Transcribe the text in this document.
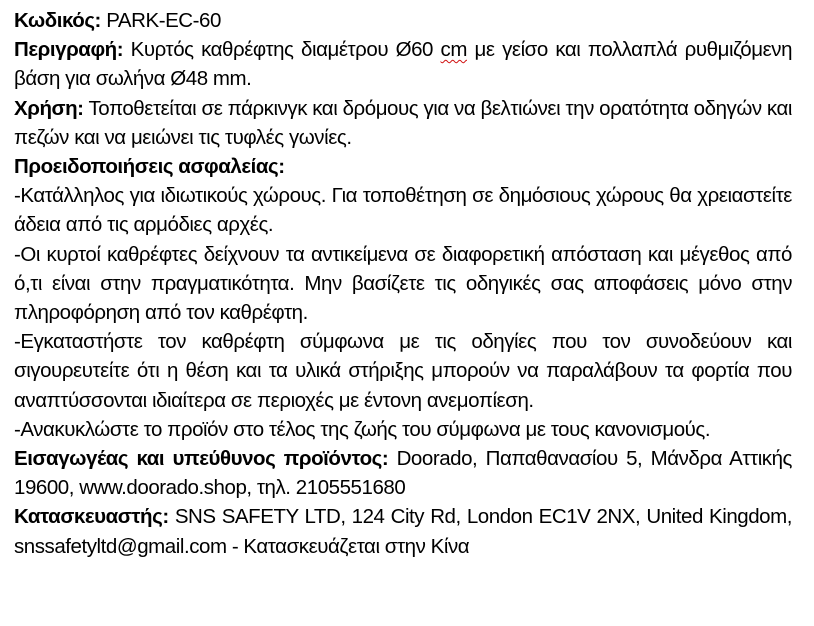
Κωδικός: PARK-EC-60

Περιγραφή: Κυρτός καθρέφτης διαμέτρου Ø60 cm με γείσο και πολλαπλά ρυθμιζόμενη βάση για σωλήνα Ø48 mm.

Χρήση: Τοποθετείται σε πάρκινγκ και δρόμους για να βελτιώνει την ορατότητα οδηγών και πεζών και να μειώνει τις τυφλές γωνίες.

Προειδοποιήσεις ασφαλείας:

-Κατάλληλος για ιδιωτικούς χώρους. Για τοποθέτηση σε δημόσιους χώρους θα χρειαστείτε άδεια από τις αρμόδιες αρχές.

-Οι κυρτοί καθρέφτες δείχνουν τα αντικείμενα σε διαφορετική απόσταση και μέγεθος από ό,τι είναι στην πραγματικότητα. Μην βασίζετε τις οδηγικές σας αποφάσεις μόνο στην πληροφόρηση από τον καθρέφτη.

-Εγκαταστήστε τον καθρέφτη σύμφωνα με τις οδηγίες που τον συνοδεύουν και σιγουρευτείτε ότι η θέση και τα υλικά στήριξης μπορούν να παραλάβουν τα φορτία που αναπτύσσονται ιδιαίτερα σε περιοχές με έντονη ανεμοπίεση.

-Ανακυκλώστε το προϊόν στο τέλος της ζωής του σύμφωνα με τους κανονισμούς.

Εισαγωγέας και υπεύθυνος προϊόντος: Doorado, Παπαθανασίου 5, Μάνδρα Αττικής 19600, www.doorado.shop, τηλ. 2105551680

Κατασκευαστής: SNS SAFETY LTD, 124 City Rd, London EC1V 2NX, United Kingdom, snssafetyltd@gmail.com - Κατασκευάζεται στην Κίνα
